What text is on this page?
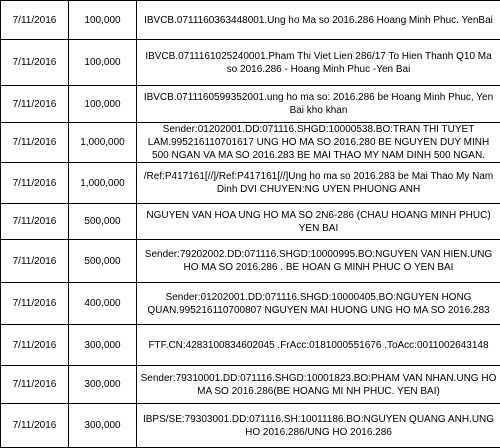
7/11/2016	100,000	IBVCB.0711160363448001.Ung ho Ma so 2016.286 Hoang Minh Phuc. YenBai
7/11/2016	100,000	IBVCB.0711161025240001.Pham Thi Viet Lien 286/17 To Hien Thanh Q10 Ma so 2016.286 - Hoang Minh Phuc -Yen Bai
7/11/2016	100,000	IBVCB.0711160599352001.ung ho ma so: 2016.286 be Hoang Minh Phuc, Yen Bai kho khan
7/11/2016	1,000,000	Sender:01202001.DD:071116.SHGD:10000538.BO:TRAN THI TUYET LAM.995216110701617 UNG HO MA SO 2016.280 BE NGUYEN DUY MINH 500 NGAN VA MA SO 2016.283 BE MAI THAO MY NAM DINH 500 NGAN.
7/11/2016	1,000,000	/Ref:P417161[//]/Ref:P417161[//]Ung ho ma so 2016.283 be Mai Thao My Nam Dinh DVI CHUYEN:NG UYEN PHUONG ANH
7/11/2016	500,000	NGUYEN VAN HOA UNG HO MA SO 2N6-286 (CHAU HOANG MINH PHUC) YEN BAI
7/11/2016	500,000	Sender:79202002.DD:071116.SHGD:10000995.BO:NGUYEN VAN HIEN.UNG HO MA SO 2016.286 . BE HOAN G MINH PHUC O YEN BAI
7/11/2016	400,000	Sender:01202001.DD:071116.SHGD:10000405.BO:NGUYEN HONG QUAN.995216110700807 NGUYEN MAI HUONG UNG HO MA SO 2016.283
7/11/2016	300,000	FTF.CN:4283100834602045 .FrAcc:0181000551676 .ToAcc:0011002643148
7/11/2016	300,000	Sender:79310001.DD:071116.SHGD:10001823.BO:PHAM VAN NHAN.UNG HO MA SO 2016.286(BE HOANG MI NH PHUC. YEN BAI)
7/11/2016	300,000	IBPS/SE:79303001.DD:071116.SH:10011186.BO:NGUYEN QUANG ANH.UNG HO 2016.286/UNG HO 2016.286
